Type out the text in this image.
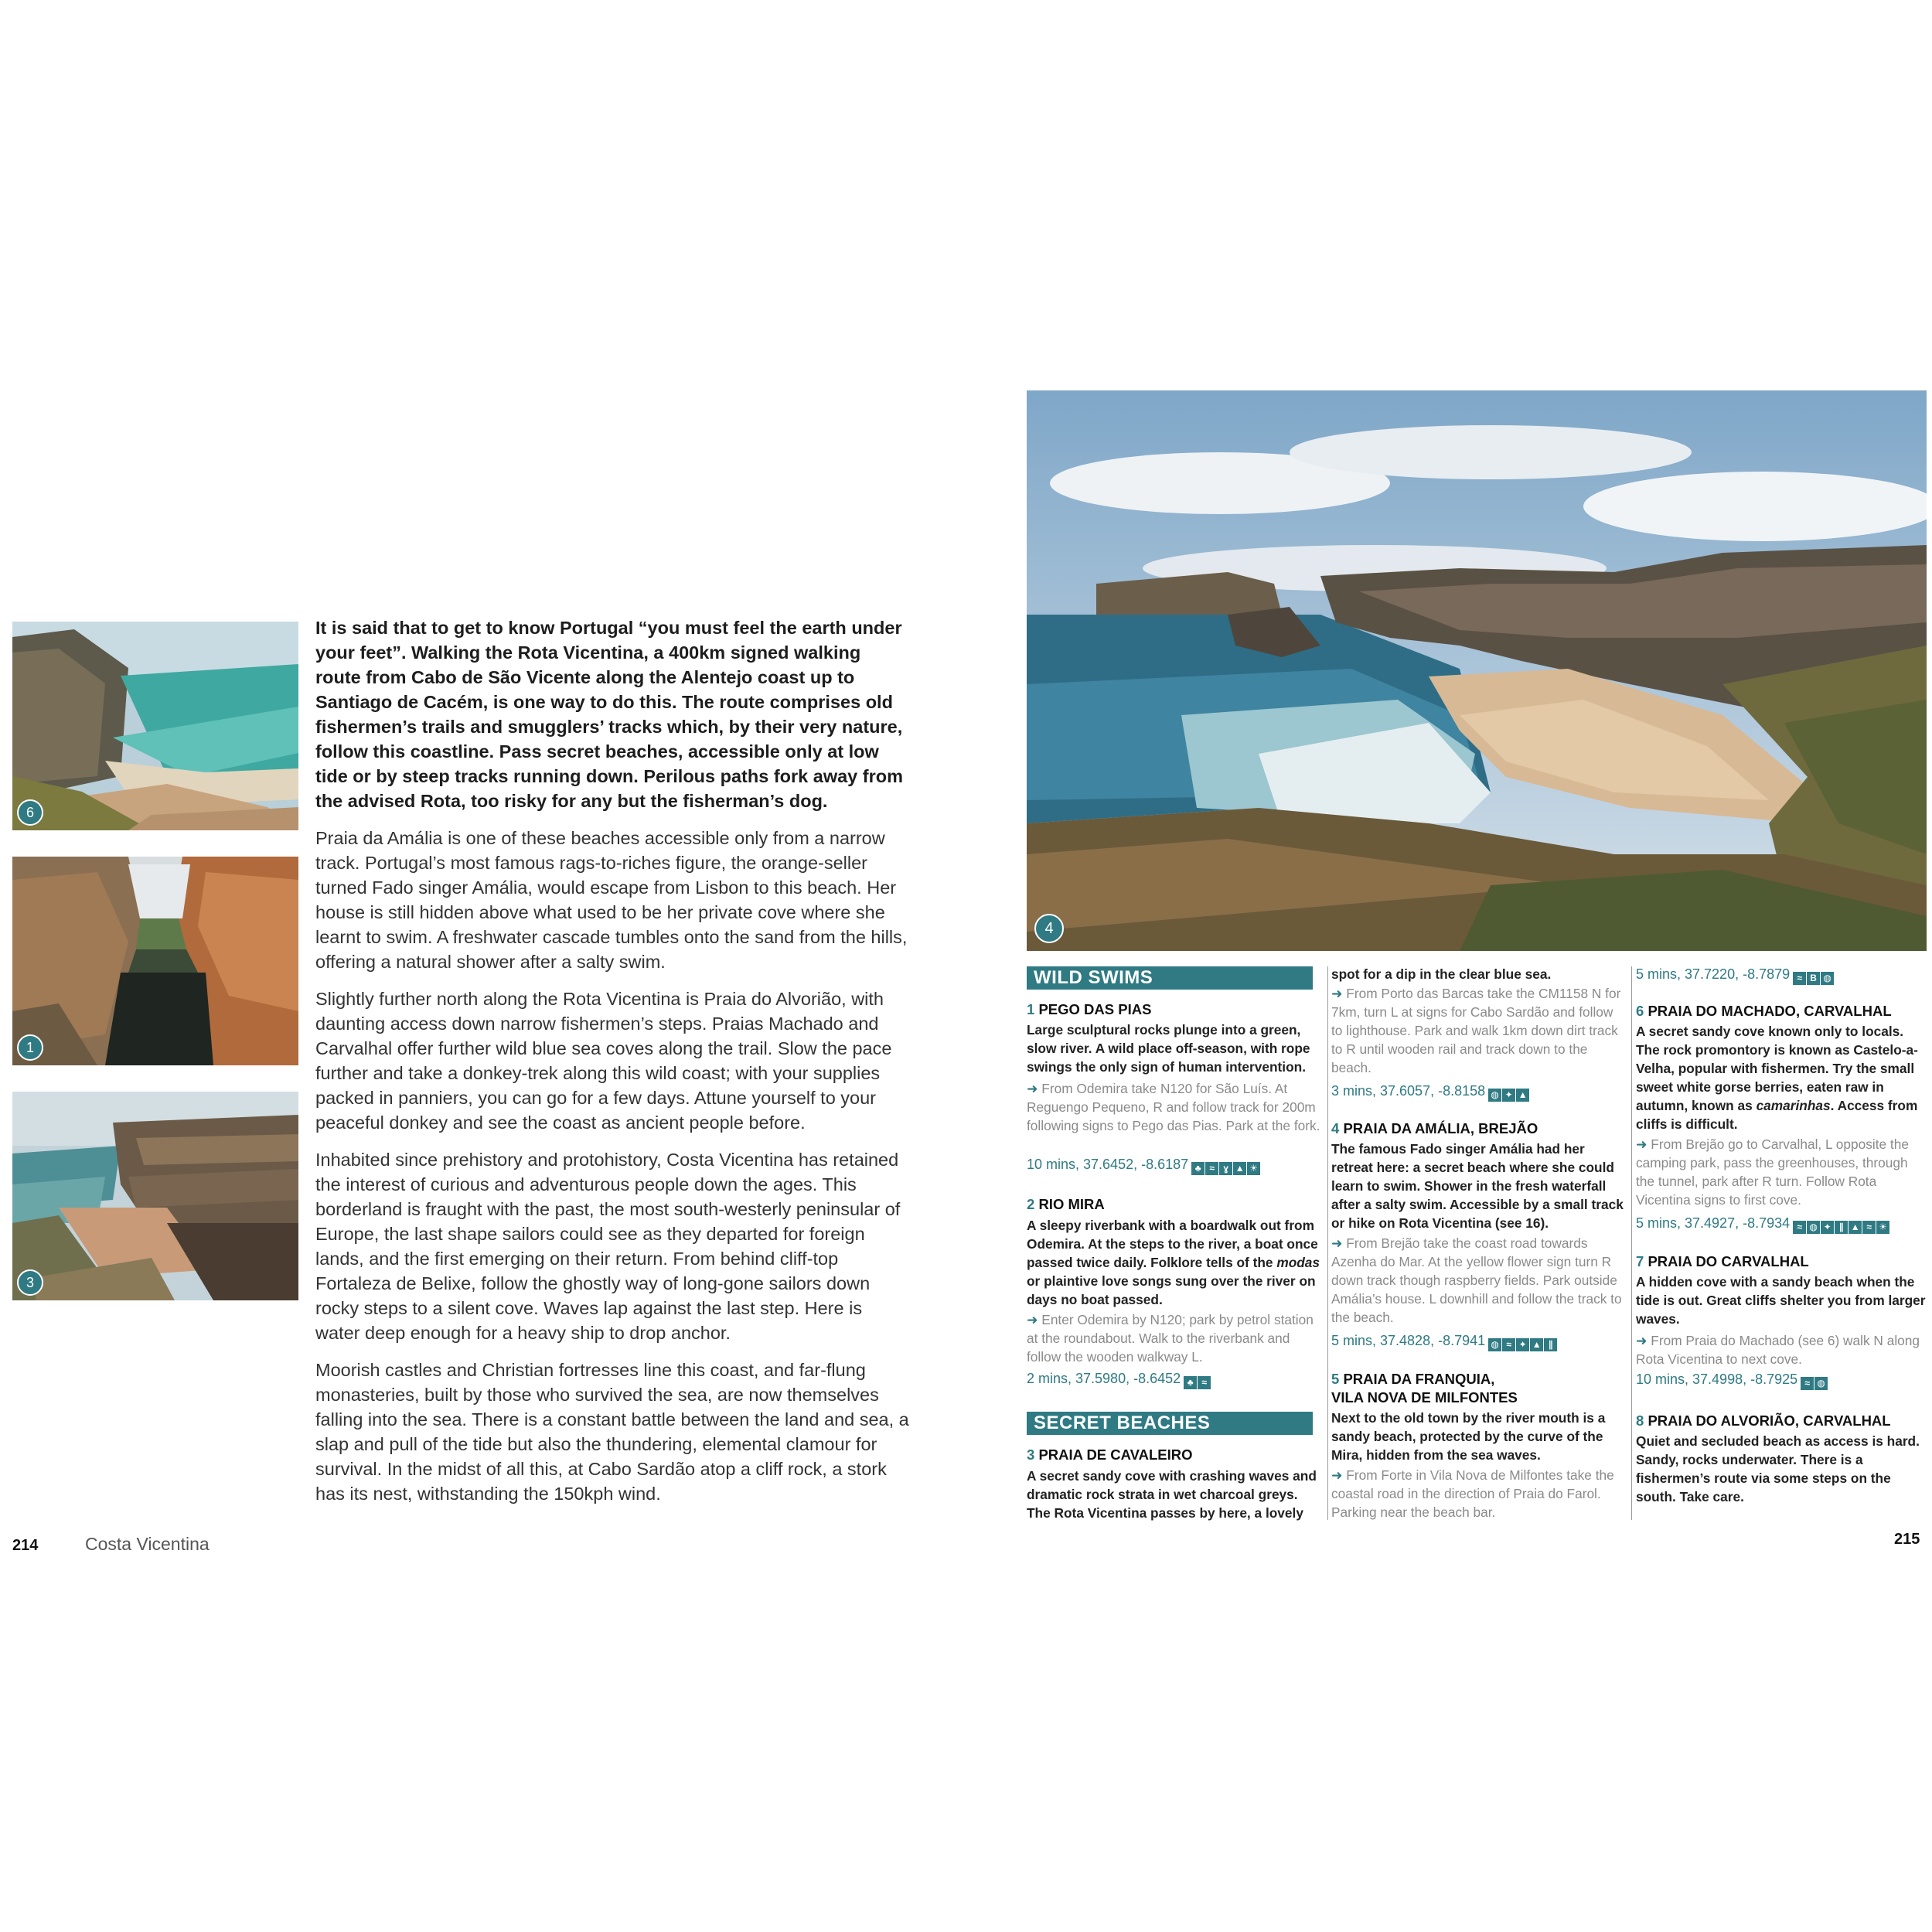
6
1
3
It is said that to get to know Portugal “you must feel the earth under your feet”. Walking the Rota Vicentina, a 400km signed walking route from Cabo de São Vicente along the Alentejo coast up to Santiago de Cacém, is one way to do this. The route comprises old fishermen’s trails and smugglers’ tracks which, by their very nature, follow this coastline. Pass secret beaches, accessible only at low tide or by steep tracks running down. Perilous paths fork away from the advised Rota, too risky for any but the fisherman’s dog.
Praia da Amália is one of these beaches accessible only from a narrow track. Portugal’s most famous rags-to-riches figure, the orange-seller turned Fado singer Amália, would escape from Lisbon to this beach. Her house is still hidden above what used to be her private cove where she learnt to swim. A freshwater cascade tumbles onto the sand from the hills, offering a natural shower after a salty swim.
Slightly further north along the Rota Vicentina is Praia do Alvorião, with daunting access down narrow fishermen’s steps. Praias Machado and Carvalhal offer further wild blue sea coves along the trail. Slow the pace further and take a donkey-trek along this wild coast; with your supplies packed in panniers, you can go for a few days. Attune yourself to your peaceful donkey and see the coast as ancient people before.
Inhabited since prehistory and protohistory, Costa Vicentina has retained the interest of curious and adventurous people down the ages. This borderland is fraught with the past, the most south-westerly peninsular of Europe, the last shape sailors could see as they departed for foreign lands, and the first emerging on their return. From behind cliff-top Fortaleza de Belixe, follow the ghostly way of long-gone sailors down rocky steps to a silent cove. Waves lap against the last step. Here is water deep enough for a heavy ship to drop anchor.
Moorish castles and Christian fortresses line this coast, and far-flung monasteries, built by those who survived the sea, are now themselves falling into the sea. There is a constant battle between the land and sea, a slap and pull of the tide but also the thundering, elemental clamour for survival. In the midst of all this, at Cabo Sardão atop a cliff rock, a stork has its nest, withstanding the 150kph wind.
214	Costa Vicentina
4
WILD SWIMS
1 PEGO DAS PIAS
Large sculptural rocks plunge into a green, slow river. A wild place off-season, with rope swings the only sign of human intervention.
➜ From Odemira take N120 for São Luís. At Reguengo Pequeno, R and follow track for 200m following signs to Pego das Pias. Park at the fork.
10 mins, 37.6452, -8.6187 ♣ ≈ ɣ ▲ ☀
2 RIO MIRA
A sleepy riverbank with a boardwalk out from Odemira. At the steps to the river, a boat once passed twice daily. Folklore tells of the modas or plaintive love songs sung over the river on days no boat passed.
➜ Enter Odemira by N120; park by petrol station at the roundabout. Walk to the riverbank and follow the wooden walkway L.
2 mins, 37.5980, -8.6452 ♣ ≈
SECRET BEACHES
3 PRAIA DE CAVALEIRO
A secret sandy cove with crashing waves and dramatic rock strata in wet charcoal greys. The Rota Vicentina passes by here, a lovely
spot for a dip in the clear blue sea.
➜ From Porto das Barcas take the CM1158 N for 7km, turn L at signs for Cabo Sardão and follow to lighthouse. Park and walk 1km down dirt track to R until wooden rail and track down to the beach.
3 mins, 37.6057, -8.8158 ◍ ✦ ▲
4 PRAIA DA AMÁLIA, BREJÃO
The famous Fado singer Amália had her retreat here: a secret beach where she could learn to swim. Shower in the fresh waterfall after a salty swim. Accessible by a small track or hike on Rota Vicentina (see 16).
➜ From Brejão take the coast road towards Azenha do Mar. At the yellow flower sign turn R down track though raspberry fields. Park outside Amália’s house. L downhill and follow the track to the beach.
5 mins, 37.4828, -8.7941 ◍ ≈ ✦ ▲ ∥
5 PRAIA DA FRANQUIA,
VILA NOVA DE MILFONTES
Next to the old town by the river mouth is a sandy beach, protected by the curve of the Mira, hidden from the sea waves.
➜ From Forte in Vila Nova de Milfontes take the coastal road in the direction of Praia do Farol. Parking near the beach bar.
5 mins, 37.7220, -8.7879 ≈ B ◍
6 PRAIA DO MACHADO, CARVALHAL
A secret sandy cove known only to locals. The rock promontory is known as Castelo-a-Velha, popular with fishermen. Try the small sweet white gorse berries, eaten raw in autumn, known as camarinhas. Access from cliffs is difficult.
➜ From Brejão go to Carvalhal, L opposite the camping park, pass the greenhouses, through the tunnel, park after R turn. Follow Rota Vicentina signs to first cove.
5 mins, 37.4927, -8.7934 ≈ ◍ ✦ ∥ ▲ ≈ ☀
7 PRAIA DO CARVALHAL
A hidden cove with a sandy beach when the tide is out. Great cliffs shelter you from larger waves.
➜ From Praia do Machado (see 6) walk N along Rota Vicentina to next cove.
10 mins, 37.4998, -8.7925 ≈ ◍
8 PRAIA DO ALVORIÃO, CARVALHAL
Quiet and secluded beach as access is hard. Sandy, rocks underwater. There is a fishermen’s route via some steps on the south. Take care.
215
